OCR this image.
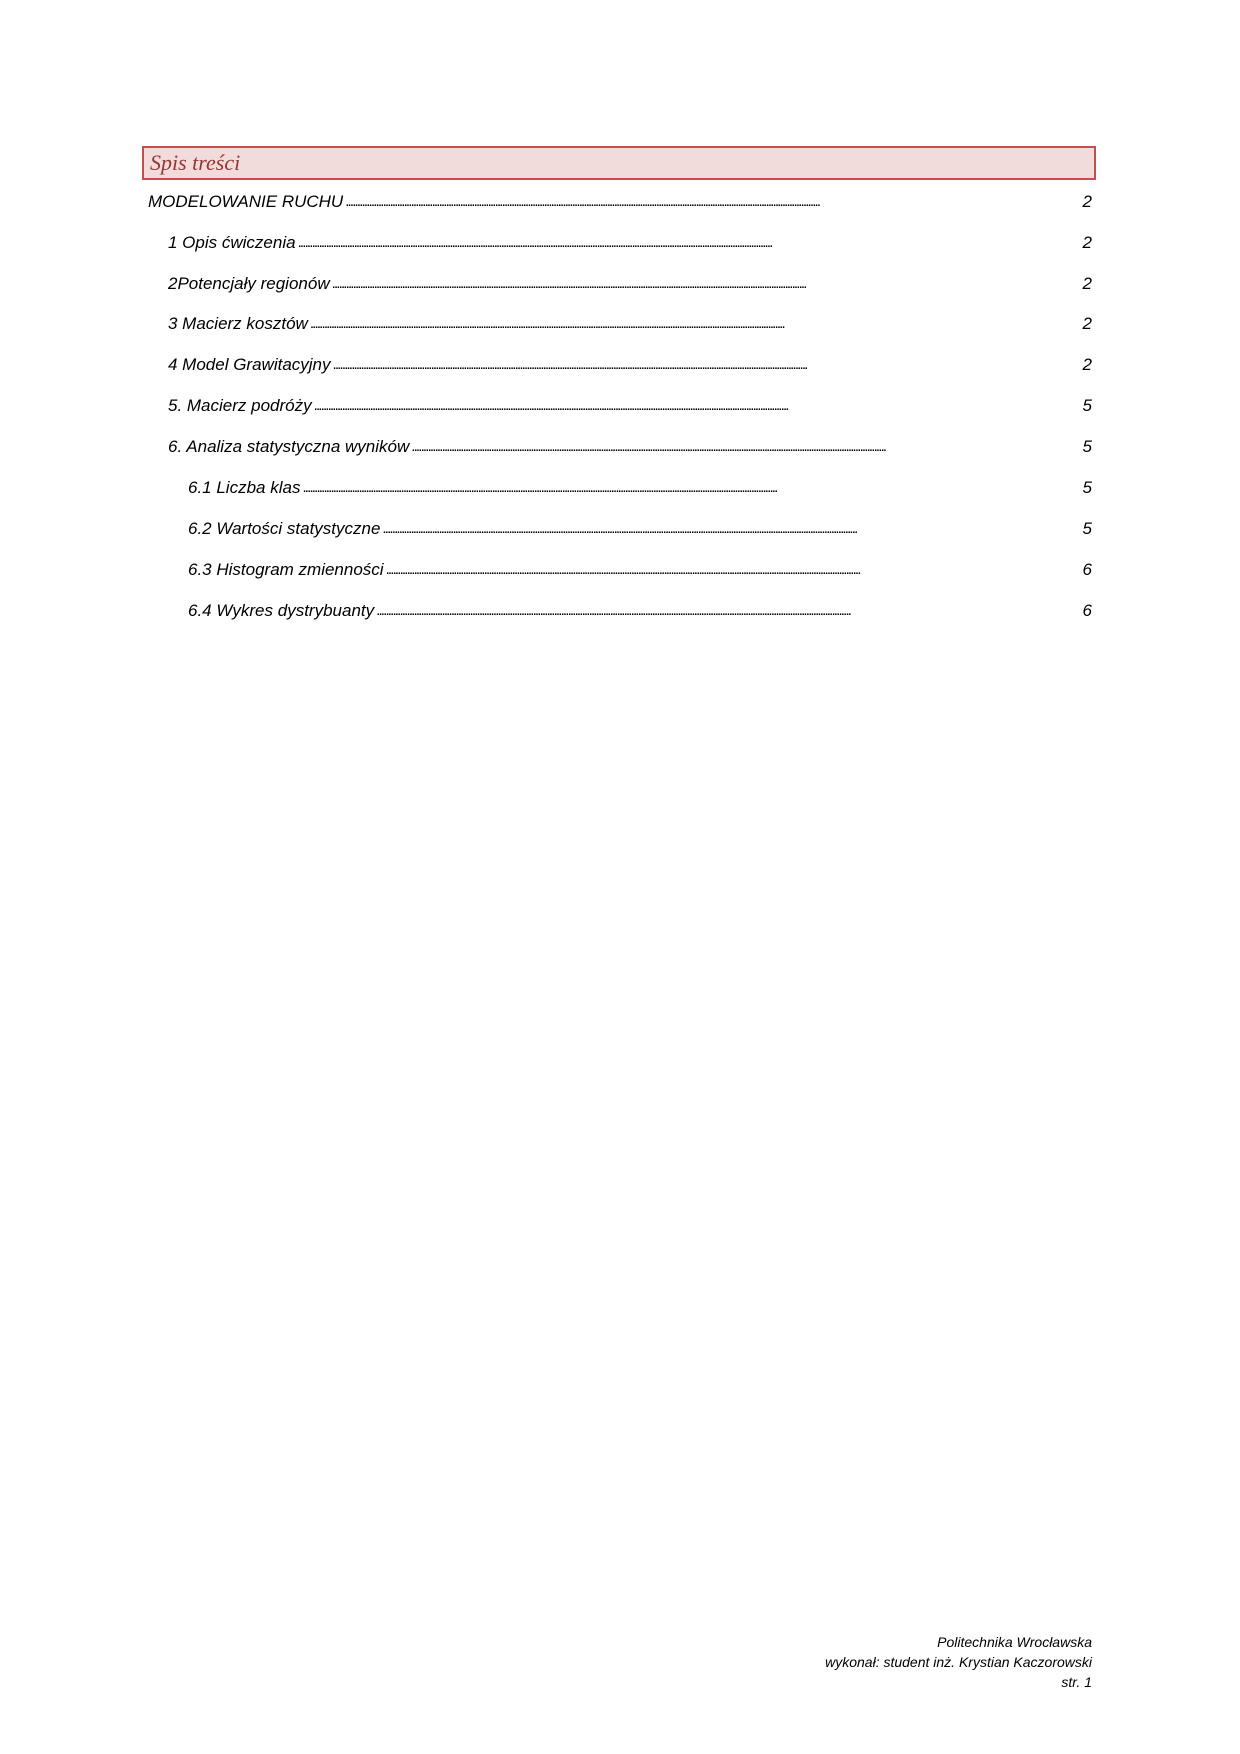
Spis treści
MODELOWANIE RUCHU . . .	2
1 Opis ćwiczenia . . .	2
2Potencjały regionów . . .	2
3 Macierz kosztów . . .	2
4 Model Grawitacyjny . . .	2
5. Macierz podróży . . .	5
6. Analiza statystyczna wyników . . .	5
6.1 Liczba klas . . .	5
6.2 Wartości statystyczne . . .	5
6.3 Histogram zmienności . . .	6
6.4 Wykres dystrybuanty . . .	6
Politechnika Wrocławska
wykonał: student inż. Krystian Kaczorowski
str. 1
